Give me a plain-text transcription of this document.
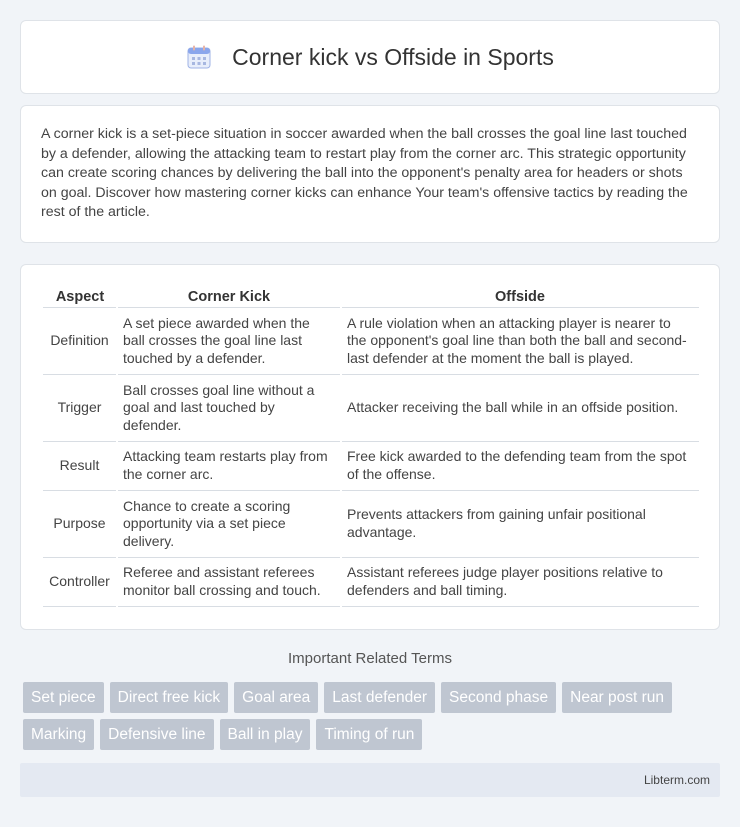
Corner kick vs Offside in Sports

A corner kick is a set-piece situation in soccer awarded when the ball crosses the goal line last touched by a defender, allowing the attacking team to restart play from the corner arc. This strategic opportunity can create scoring chances by delivering the ball into the opponent's penalty area for headers or shots on goal. Discover how mastering corner kicks can enhance Your team's offensive tactics by reading the rest of the article.

Aspect	Corner Kick	Offside
Definition	A set piece awarded when the ball crosses the goal line last touched by a defender.	A rule violation when an attacking player is nearer to the opponent's goal line than both the ball and second-last defender at the moment the ball is played.
Trigger	Ball crosses goal line without a goal and last touched by defender.	Attacker receiving the ball while in an offside position.
Result	Attacking team restarts play from the corner arc.	Free kick awarded to the defending team from the spot of the offense.
Purpose	Chance to create a scoring opportunity via a set piece delivery.	Prevents attackers from gaining unfair positional advantage.
Controller	Referee and assistant referees monitor ball crossing and touch.	Assistant referees judge player positions relative to defenders and ball timing.
Important Related Terms
Set piece	Direct free kick	Goal area	Last defender	Second phase	Near post run
Marking	Defensive line	Ball in play	Timing of run
Libterm.com
